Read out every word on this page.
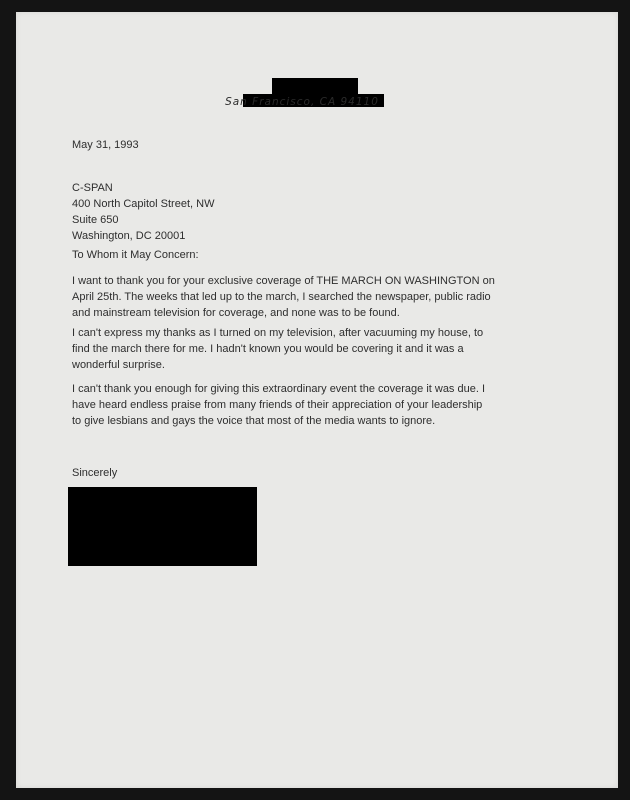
San Francisco, CA 94110
May 31, 1993
C-SPAN
400 North Capitol Street, NW
Suite 650
Washington, DC 20001
To Whom it May Concern:
I want to thank you for your exclusive coverage of THE MARCH ON WASHINGTON on
April 25th. The weeks that led up to the march, I searched the newspaper, public radio
and mainstream television for coverage, and none was to be found.
I can't express my thanks as I turned on my television, after vacuuming my house, to
find the march there for me. I hadn't known you would be covering it and it was a
wonderful surprise.
I can't thank you enough for giving this extraordinary event the coverage it was due. I
have heard endless praise from many friends of their appreciation of your leadership
to give lesbians and gays the voice that most of the media wants to ignore.
Sincerely
